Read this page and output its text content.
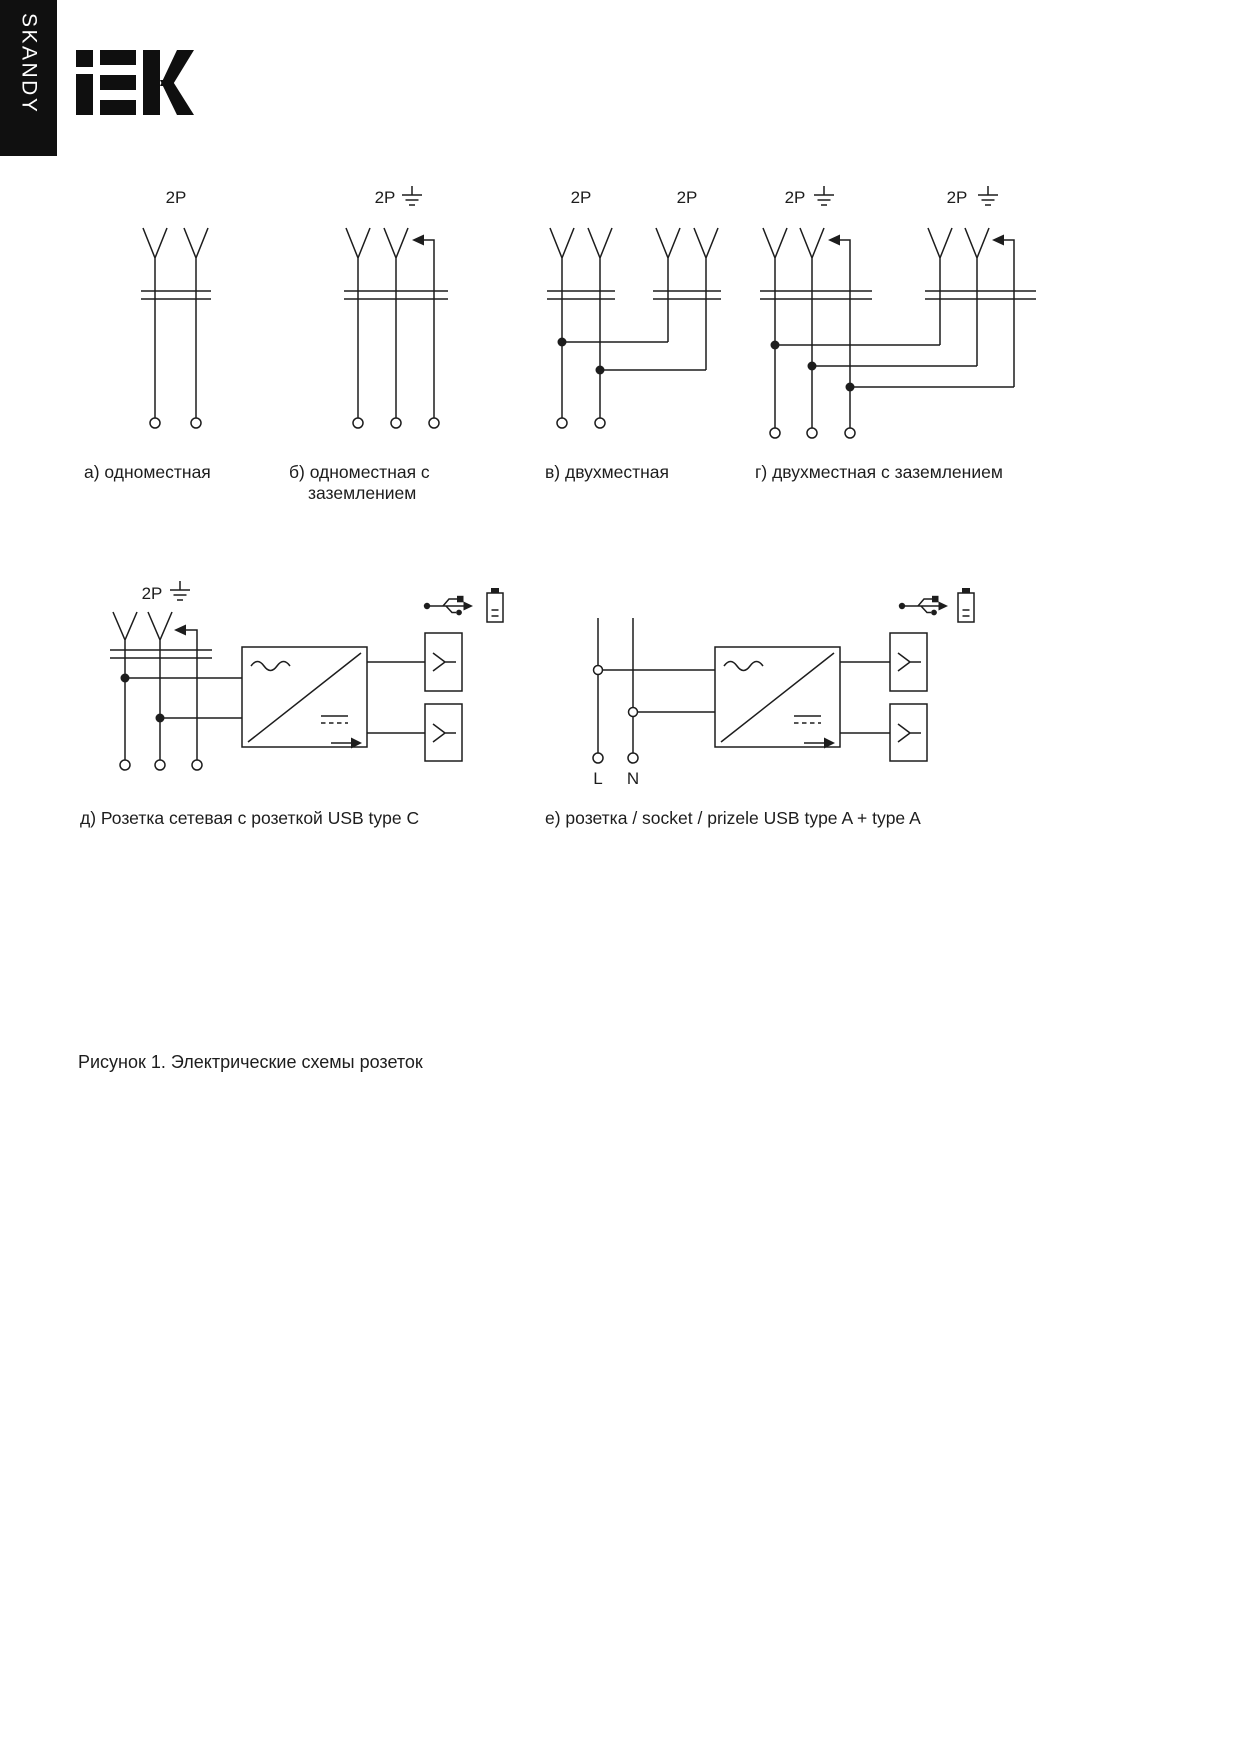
SKANDY
2P
а) одноместная
2P
б) одноместная с
заземлением
2P	2P
в) двухместная
2P	2P
г) двухместная с заземлением
2P
д) Розетка сетевая с розеткой USB type C
L N
е) розетка / socket / prizele USB type A + type A
Рисунок 1. Электрические схемы розеток
